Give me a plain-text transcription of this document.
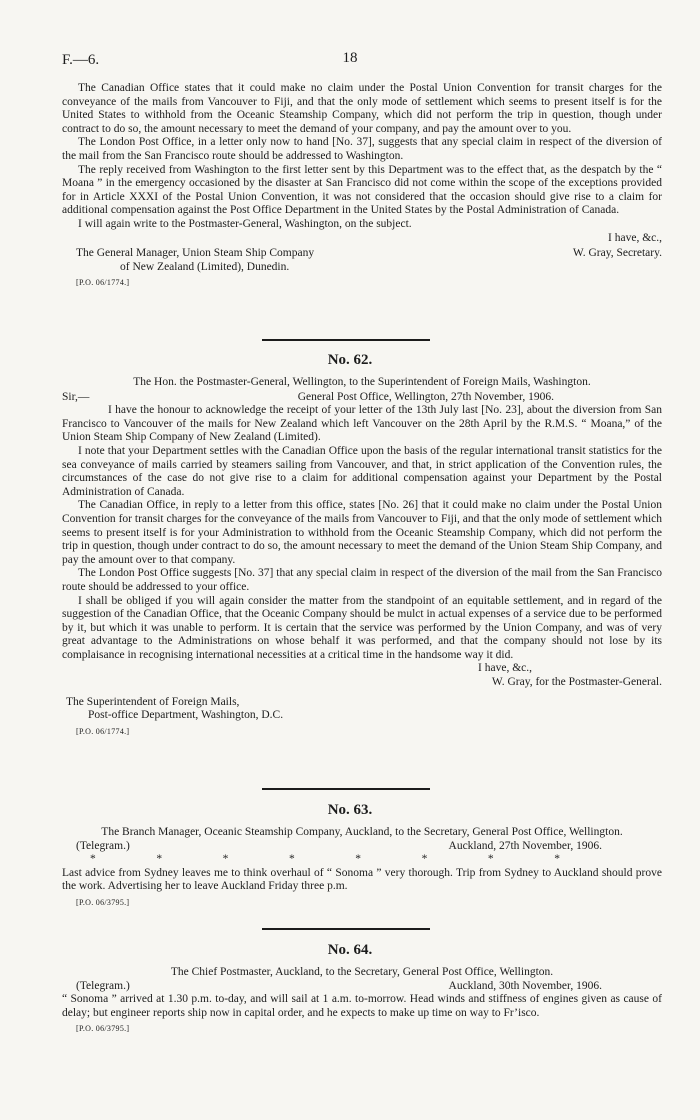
F.—6.	18

The Canadian Office states that it could make no claim under the Postal Union Convention for transit charges for the conveyance of the mails from Vancouver to Fiji, and that the only mode of settlement which seems to present itself is for the United States to withhold from the Oceanic Steamship Company, which did not perform the trip in question, though under contract to do so, the amount necessary to meet the demand of your company, and pay the amount over to you.

The London Post Office, in a letter only now to hand [No. 37], suggests that any special claim in respect of the diversion of the mail from the San Francisco route should be addressed to Washington.

The reply received from Washington to the first letter sent by this Department was to the effect that, as the despatch by the “ Moana ” in the emergency occasioned by the disaster at San Francisco did not come within the scope of the exceptions provided for in Article XXXI of the Postal Union Convention, it was not considered that the occasion should give rise to a claim for additional compensation against the Post Office Department in the United States by the Postal Administration of Canada.

I will again write to the Postmaster-General, Washington, on the subject.

I have, &c.,
The General Manager, Union Steam Ship Company	W. Gray, Secretary.
of New Zealand (Limited), Dunedin.
[P.O. 06/1774.]
No. 62.
The Hon. the Postmaster-General, Wellington, to the Superintendent of Foreign Mails, Washington.
Sir,—	General Post Office, Wellington, 27th November, 1906.

I have the honour to acknowledge the receipt of your letter of the 13th July last [No. 23], about the diversion from San Francisco to Vancouver of the mails for New Zealand which left Vancouver on the 28th April by the R.M.S. “ Moana,” of the Union Steam Ship Company of New Zealand (Limited).

I note that your Department settles with the Canadian Office upon the basis of the regular international transit statistics for the sea conveyance of mails carried by steamers sailing from Vancouver, and that, in strict application of the Convention rules, the circumstances of the case do not give rise to a claim for additional compensation against your Department by the Postal Administration of Canada.

The Canadian Office, in reply to a letter from this office, states [No. 26] that it could make no claim under the Postal Union Convention for transit charges for the conveyance of the mails from Vancouver to Fiji, and that the only mode of settlement which seems to present itself is for your Administration to withhold from the Oceanic Steamship Company, which did not perform the trip in question, though under contract to do so, the amount necessary to meet the demand of the Union Steam Ship Company, and pay the amount over to that company.

The London Post Office suggests [No. 37] that any special claim in respect of the diversion of the mail from the San Francisco route should be addressed to your office.

I shall be obliged if you will again consider the matter from the standpoint of an equitable settlement, and in regard of the suggestion of the Canadian Office, that the Oceanic Company should be mulct in actual expenses of a service due to be performed by it, but which it was unable to perform. It is certain that the service was performed by the Union Company, and was of very great advantage to the Administrations on whose behalf it was performed, and that the company should not lose by its complaisance in recognising international necessities at a critical time in the handsome way it did.

I have, &c.,
W. Gray, for the Postmaster-General.
The Superintendent of Foreign Mails,
Post-office Department, Washington, D.C.
[P.O. 06/1774.]
No. 63.
The Branch Manager, Oceanic Steamship Company, Auckland, to the Secretary, General Post Office, Wellington.
(Telegram.)	Auckland, 27th November, 1906.
*	*	*	*	*	*	*	*

Last advice from Sydney leaves me to think overhaul of “ Sonoma ” very thorough. Trip from Sydney to Auckland should prove the work. Advertising her to leave Auckland Friday three p.m.

[P.O. 06/3795.]
No. 64.
The Chief Postmaster, Auckland, to the Secretary, General Post Office, Wellington.
(Telegram.)	Auckland, 30th November, 1906.

“ Sonoma ” arrived at 1.30 p.m. to-day, and will sail at 1 a.m. to-morrow. Head winds and stiffness of engines given as cause of delay; but engineer reports ship now in capital order, and he expects to make up time on way to Fr’isco.

[P.O. 06/3795.]
